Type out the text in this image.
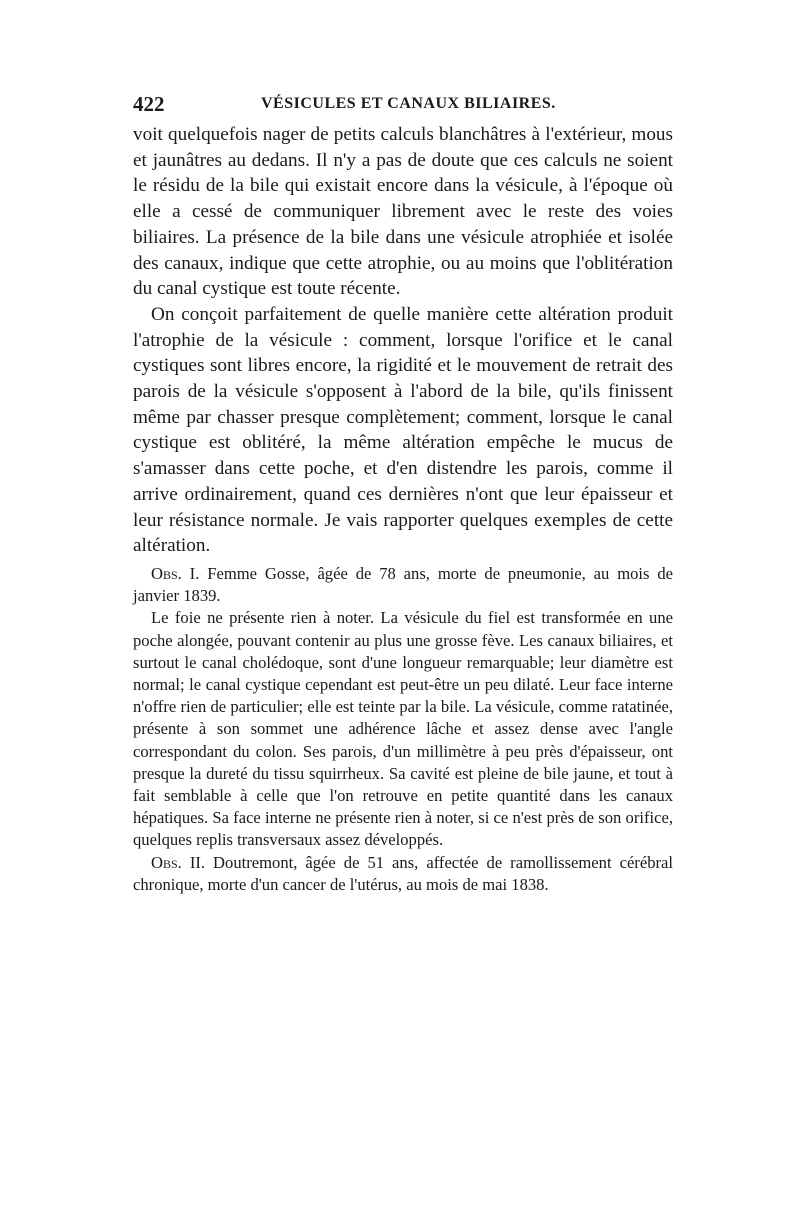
422	VÉSICULES ET CANAUX BILIAIRES.

voit quelquefois nager de petits calculs blanchâtres à l'extérieur, mous et jaunâtres au dedans. Il n'y a pas de doute que ces calculs ne soient le résidu de la bile qui existait encore dans la vésicule, à l'époque où elle a cessé de communiquer librement avec le reste des voies biliaires. La présence de la bile dans une vésicule atrophiée et isolée des canaux, indique que cette atrophie, ou au moins que l'oblitération du canal cystique est toute récente.

On conçoit parfaitement de quelle manière cette altération produit l'atrophie de la vésicule : comment, lorsque l'orifice et le canal cystiques sont libres encore, la rigidité et le mouvement de retrait des parois de la vésicule s'opposent à l'abord de la bile, qu'ils finissent même par chasser presque complètement; comment, lorsque le canal cystique est oblitéré, la même altération empêche le mucus de s'amasser dans cette poche, et d'en distendre les parois, comme il arrive ordinairement, quand ces dernières n'ont que leur épaisseur et leur résistance normale. Je vais rapporter quelques exemples de cette altération.

Obs. I. Femme Gosse, âgée de 78 ans, morte de pneumonie, au mois de janvier 1839.

Le foie ne présente rien à noter. La vésicule du fiel est transformée en une poche alongée, pouvant contenir au plus une grosse fève. Les canaux biliaires, et surtout le canal cholédoque, sont d'une longueur remarquable; leur diamètre est normal; le canal cystique cependant est peut-être un peu dilaté. Leur face interne n'offre rien de particulier; elle est teinte par la bile. La vésicule, comme ratatinée, présente à son sommet une adhérence lâche et assez dense avec l'angle correspondant du colon. Ses parois, d'un millimètre à peu près d'épaisseur, ont presque la dureté du tissu squirrheux. Sa cavité est pleine de bile jaune, et tout à fait semblable à celle que l'on retrouve en petite quantité dans les canaux hépatiques. Sa face interne ne présente rien à noter, si ce n'est près de son orifice, quelques replis transversaux assez développés.

Obs. II. Doutremont, âgée de 51 ans, affectée de ramollissement cérébral chronique, morte d'un cancer de l'utérus, au mois de mai 1838.
